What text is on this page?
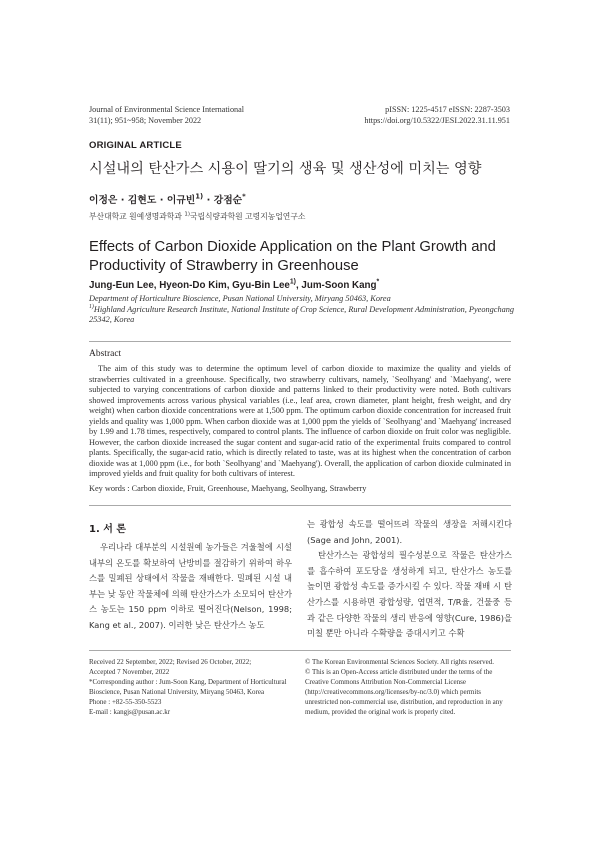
Journal of Environmental Science International
31(11); 951~958; November 2022
pISSN: 1225-4517 eISSN: 2287-3503
https://doi.org/10.5322/JESI.2022.31.11.951
ORIGINAL ARTICLE
시설내의 탄산가스 시용이 딸기의 생육 및 생산성에 미치는 영향
이정은 · 김현도 · 이규빈$^{1)}$ · 강점순*
부산대학교 원예생명과학과 $^{1)}$국립식량과학원 고령지농업연구소
Effects of Carbon Dioxide Application on the Plant Growth and Productivity of Strawberry in Greenhouse
Jung-Eun Lee, Hyeon-Do Kim, Gyu-Bin Lee$^{1)}$, Jum-Soon Kang*
Department of Horticulture Bioscience, Pusan National University, Miryang 50463, Korea
$^{1)}$Highland Agriculture Research Institute, National Institute of Crop Science, Rural Development Administration, Pyeongchang 25342, Korea
Abstract
The aim of this study was to determine the optimum level of carbon dioxide to maximize the quality and yields of strawberries cultivated in a greenhouse. Specifically, two strawberry cultivars, namely, `Seolhyang' and `Maehyang', were subjected to varying concentrations of carbon dioxide and patterns linked to their productivity were noted. Both cultivars showed improvements across various physical variables (i.e., leaf area, crown diameter, plant height, fresh weight, and dry weight) when carbon dioxide concentrations were at 1,500 ppm. The optimum carbon dioxide concentration for increased fruit yields and quality was 1,000 ppm. When carbon dioxide was at 1,000 ppm the yields of `Seolhyang' and `Maehyang' increased by 1.99 and 1.78 times, respectively, compared to control plants. The influence of carbon dioxide on fruit color was negligible. However, the carbon dioxide increased the sugar content and sugar-acid ratio of the experimental fruits compared to control plants. Specifically, the sugar-acid ratio, which is directly related to taste, was at its highest when the concentration of carbon dioxide was at 1,000 ppm (i.e., for both `Seolhyang' and `Maehyang'). Overall, the application of carbon dioxide culminated in improved yields and fruit quality for both cultivars of interest.
Key words : Carbon dioxide, Fruit, Greenhouse, Maehyang, Seolhyang, Strawberry
1. 서 론

우리나라 대부분의 시설원예 농가들은 겨울철에 시설 내부의 온도를 확보하여 난방비를 절감하기 위하여 하우스를 밀폐된 상태에서 작물을 재배한다. 밀폐된 시설 내부는 낮 동안 작물체에 의해 탄산가스가 소모되어 탄산가스 농도는 150 ppm 이하로 떨어진다(Nelson, 1998; Kang et al., 2007). 이러한 낮은 탄산가스 농도

는 광합성 속도를 떨어뜨려 작물의 생장을 저해시킨다(Sage and John, 2001).

탄산가스는 광합성의 필수성분으로 작물은 탄산가스를 흡수하여 포도당을 생성하게 되고, 탄산가스 농도를 높이면 광합성 속도를 증가시킬 수 있다. 작물 재배 시 탄산가스를 시용하면 광합성량, 엽면적, T/R율, 건물중 등과 같은 다양한 작물의 생리 반응에 영향(Cure, 1986)을 미칠 뿐만 아니라 수확량을 증대시키고 수확

Received 22 September, 2022; Revised 26 October, 2022;
Accepted 7 November, 2022
*Corresponding author : Jum-Soon Kang, Department of Horticultural Bioscience, Pusan National University, Miryang 50463, Korea
Phone : +82-55-350-5523
E-mail : kangjs@pusan.ac.kr
© The Korean Environmental Sciences Society. All rights reserved.
© This is an Open-Access article distributed under the terms of the Creative Commons Attribution Non-Commercial License (http://creativecommons.org/licenses/by-nc/3.0) which permits unrestricted non-commercial use, distribution, and reproduction in any medium, provided the original work is properly cited.
